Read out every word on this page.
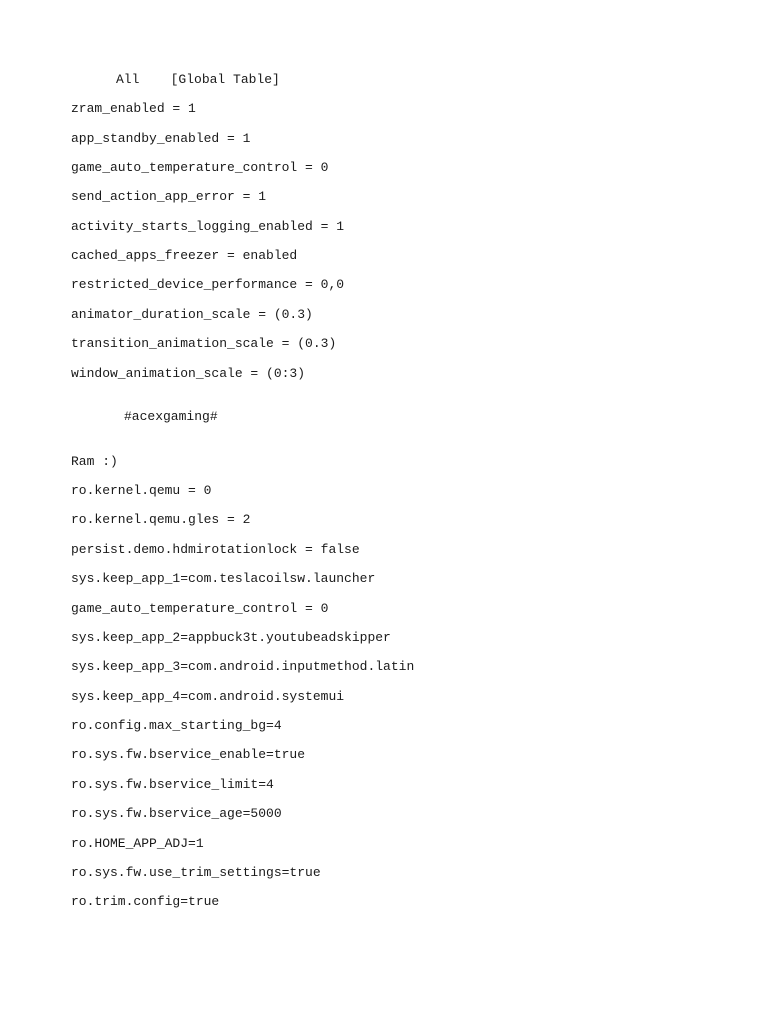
All [Global Table]
zram_enabled = 1
app_standby_enabled = 1
game_auto_temperature_control = 0
send_action_app_error = 1
activity_starts_logging_enabled = 1
cached_apps_freezer = enabled
restricted_device_performance = 0,0
animator_duration_scale = (0.3)
transition_animation_scale = (0.3)
window_animation_scale = (0:3)
#acexgaming#
Ram :)
ro.kernel.qemu = 0
ro.kernel.qemu.gles = 2
persist.demo.hdmirotationlock = false
sys.keep_app_1=com.teslacoilsw.launcher
game_auto_temperature_control = 0
sys.keep_app_2=appbuck3t.youtubeadskipper
sys.keep_app_3=com.android.inputmethod.latin
sys.keep_app_4=com.android.systemui
ro.config.max_starting_bg=4
ro.sys.fw.bservice_enable=true
ro.sys.fw.bservice_limit=4
ro.sys.fw.bservice_age=5000
ro.HOME_APP_ADJ=1
ro.sys.fw.use_trim_settings=true
ro.trim.config=true
